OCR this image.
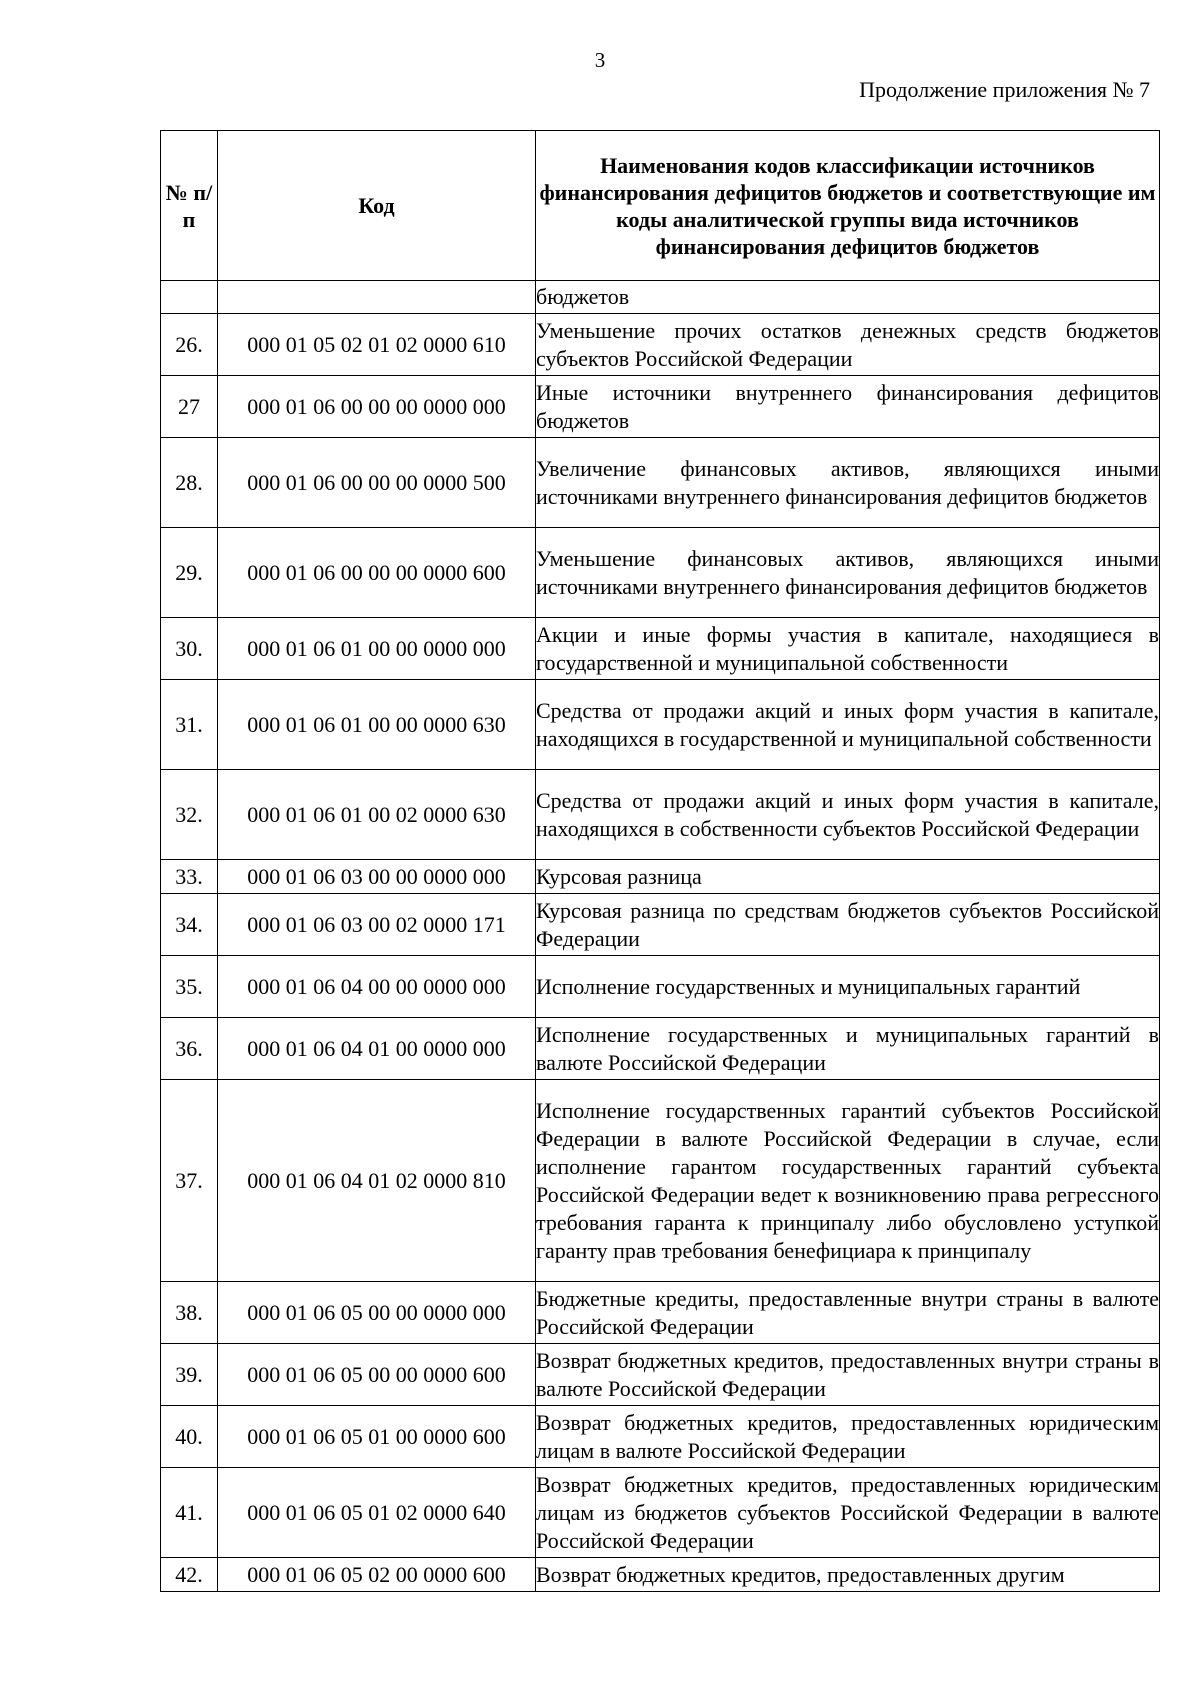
3
Продолжение приложения № 7
№ п/п	Код	Наименования кодов классификации источников финансирования дефицитов бюджетов и соответствующие им коды аналитической группы вида источников финансирования дефицитов бюджетов
		бюджетов
26.	000 01 05 02 01 02 0000 610	Уменьшение прочих остатков денежных средств бюджетов субъектов Российской Федерации
27	000 01 06 00 00 00 0000 000	Иные источники внутреннего финансирования дефицитов бюджетов
28.	000 01 06 00 00 00 0000 500	Увеличение финансовых активов, являющихся иными источниками внутреннего финансирования дефицитов бюджетов
29.	000 01 06 00 00 00 0000 600	Уменьшение финансовых активов, являющихся иными источниками внутреннего финансирования дефицитов бюджетов
30.	000 01 06 01 00 00 0000 000	Акции и иные формы участия в капитале, находящиеся в государственной и муниципальной собственности
31.	000 01 06 01 00 00 0000 630	Средства от продажи акций и иных форм участия в капитале, находящихся в государственной и муниципальной собственности
32.	000 01 06 01 00 02 0000 630	Средства от продажи акций и иных форм участия в капитале, находящихся в собственности субъектов Российской Федерации
33.	000 01 06 03 00 00 0000 000	Курсовая разница
34.	000 01 06 03 00 02 0000 171	Курсовая разница по средствам бюджетов субъектов Российской Федерации
35.	000 01 06 04 00 00 0000 000	Исполнение государственных и муниципальных гарантий
36.	000 01 06 04 01 00 0000 000	Исполнение государственных и муниципальных гарантий в валюте Российской Федерации
37.	000 01 06 04 01 02 0000 810	Исполнение государственных гарантий субъектов Российской Федерации в валюте Российской Федерации в случае, если исполнение гарантом государственных гарантий субъекта Российской Федерации ведет к возникновению права регрессного требования гаранта к принципалу либо обусловлено уступкой гаранту прав требования бенефициара к принципалу
38.	000 01 06 05 00 00 0000 000	Бюджетные кредиты, предоставленные внутри страны в валюте Российской Федерации
39.	000 01 06 05 00 00 0000 600	Возврат бюджетных кредитов, предоставленных внутри страны в валюте Российской Федерации
40.	000 01 06 05 01 00 0000 600	Возврат бюджетных кредитов, предоставленных юридическим лицам в валюте Российской Федерации
41.	000 01 06 05 01 02 0000 640	Возврат бюджетных кредитов, предоставленных юридическим лицам из бюджетов субъектов Российской Федерации в валюте Российской Федерации
42.	000 01 06 05 02 00 0000 600	Возврат бюджетных кредитов, предоставленных другим
